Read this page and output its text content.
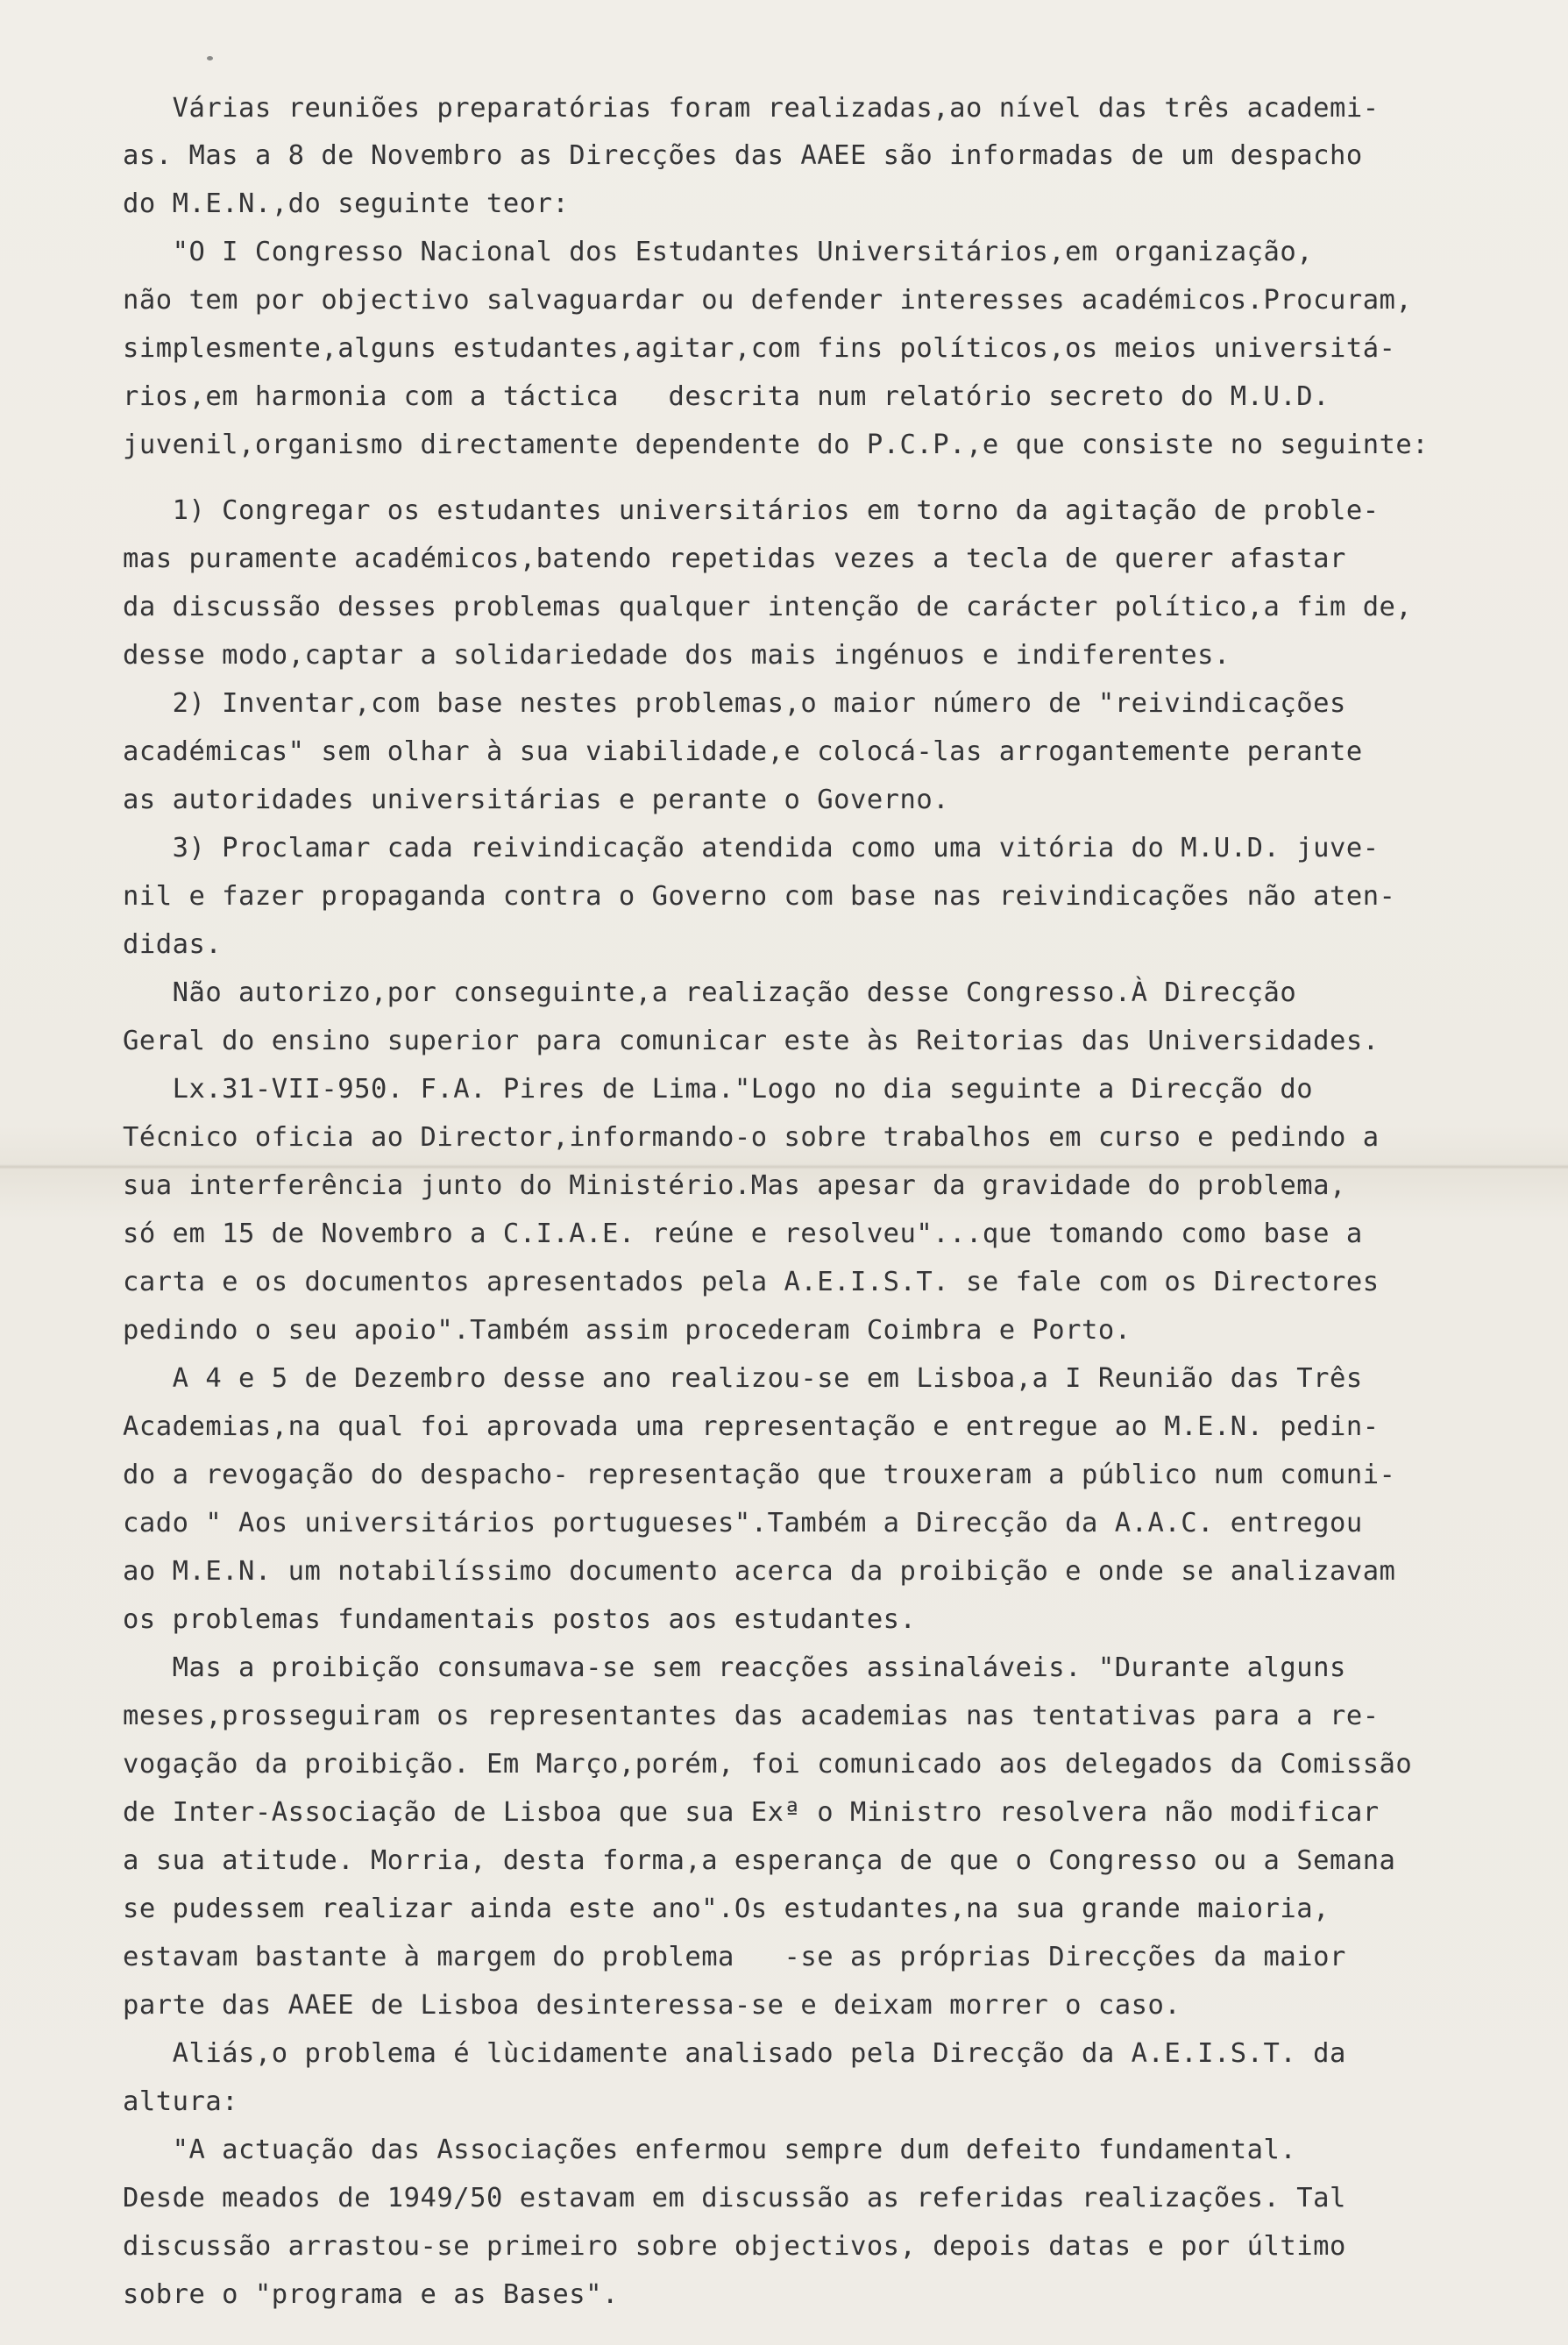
Várias reuniões preparatórias foram realizadas,ao nível das três academi-

as. Mas a 8 de Novembro as Direcções das AAEE são informadas de um despacho

do M.E.N.,do seguinte teor:

"O I Congresso Nacional dos Estudantes Universitários,em organização,

não tem por objectivo salvaguardar ou defender interesses académicos.Procuram,

simplesmente,alguns estudantes,agitar,com fins políticos,os meios universitá-

rios,em harmonia com a táctica   descrita num relatório secreto do M.U.D.

juvenil,organismo directamente dependente do P.C.P.,e que consiste no seguinte:

1) Congregar os estudantes universitários em torno da agitação de proble-

mas puramente académicos,batendo repetidas vezes a tecla de querer afastar

da discussão desses problemas qualquer intenção de carácter político,a fim de,

desse modo,captar a solidariedade dos mais ingénuos e indiferentes.

2) Inventar,com base nestes problemas,o maior número de "reivindicações

académicas" sem olhar à sua viabilidade,e colocá-las arrogantemente perante

as autoridades universitárias e perante o Governo.

3) Proclamar cada reivindicação atendida como uma vitória do M.U.D. juve-

nil e fazer propaganda contra o Governo com base nas reivindicações não aten-

didas.

Não autorizo,por conseguinte,a realização desse Congresso.À Direcção

Geral do ensino superior para comunicar este às Reitorias das Universidades.

Lx.31-VII-950. F.A. Pires de Lima."Logo no dia seguinte a Direcção do

Técnico oficia ao Director,informando-o sobre trabalhos em curso e pedindo a

sua interferência junto do Ministério.Mas apesar da gravidade do problema,

só em 15 de Novembro a C.I.A.E. reúne e resolveu"...que tomando como base a

carta e os documentos apresentados pela A.E.I.S.T. se fale com os Directores

pedindo o seu apoio".Também assim procederam Coimbra e Porto.

A 4 e 5 de Dezembro desse ano realizou-se em Lisboa,a I Reunião das Três

Academias,na qual foi aprovada uma representação e entregue ao M.E.N. pedin-

do a revogação do despacho- representação que trouxeram a público num comuni-

cado " Aos universitários portugueses".Também a Direcção da A.A.C. entregou

ao M.E.N. um notabilíssimo documento acerca da proibição e onde se analizavam

os problemas fundamentais postos aos estudantes.

Mas a proibição consumava-se sem reacções assinaláveis. "Durante alguns

meses,prosseguiram os representantes das academias nas tentativas para a re-

vogação da proibição. Em Março,porém, foi comunicado aos delegados da Comissão

de Inter-Associação de Lisboa que sua Exª o Ministro resolvera não modificar

a sua atitude. Morria, desta forma,a esperança de que o Congresso ou a Semana

se pudessem realizar ainda este ano".Os estudantes,na sua grande maioria,

estavam bastante à margem do problema   -se as próprias Direcções da maior

parte das AAEE de Lisboa desinteressa-se e deixam morrer o caso.

Aliás,o problema é lùcidamente analisado pela Direcção da A.E.I.S.T. da

altura:

"A actuação das Associações enfermou sempre dum defeito fundamental.

Desde meados de 1949/50 estavam em discussão as referidas realizações. Tal

discussão arrastou-se primeiro sobre objectivos, depois datas e por último

sobre o "programa e as Bases".
